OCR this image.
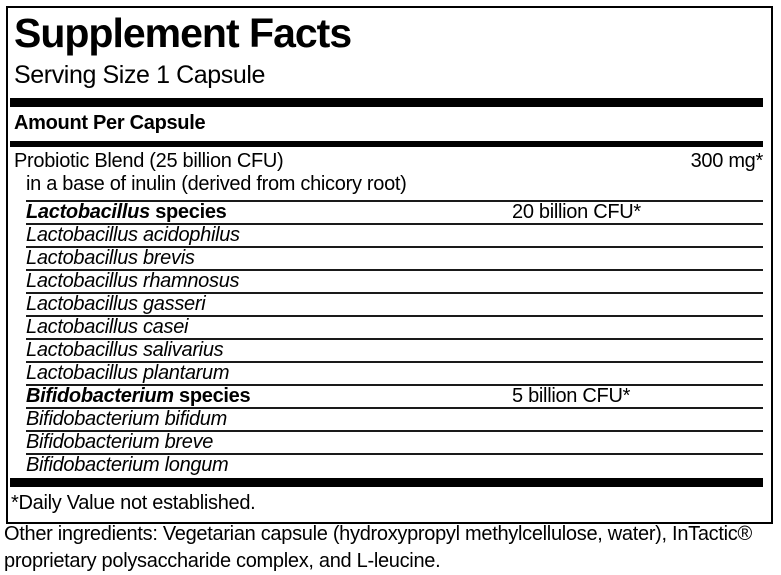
Supplement Facts
Serving Size 1 Capsule
Amount Per Capsule
Probiotic Blend (25 billion CFU)	300 mg*
in a base of inulin (derived from chicory root)
Lactobacillus species	20 billion CFU*
Lactobacillus acidophilus
Lactobacillus brevis
Lactobacillus rhamnosus
Lactobacillus gasseri
Lactobacillus casei
Lactobacillus salivarius
Lactobacillus plantarum
Bifidobacterium species	5 billion CFU*
Bifidobacterium bifidum
Bifidobacterium breve
Bifidobacterium longum
*Daily Value not established.
Other ingredients: Vegetarian capsule (hydroxypropyl methylcellulose, water), InTactic® proprietary polysaccharide complex, and L-leucine.
